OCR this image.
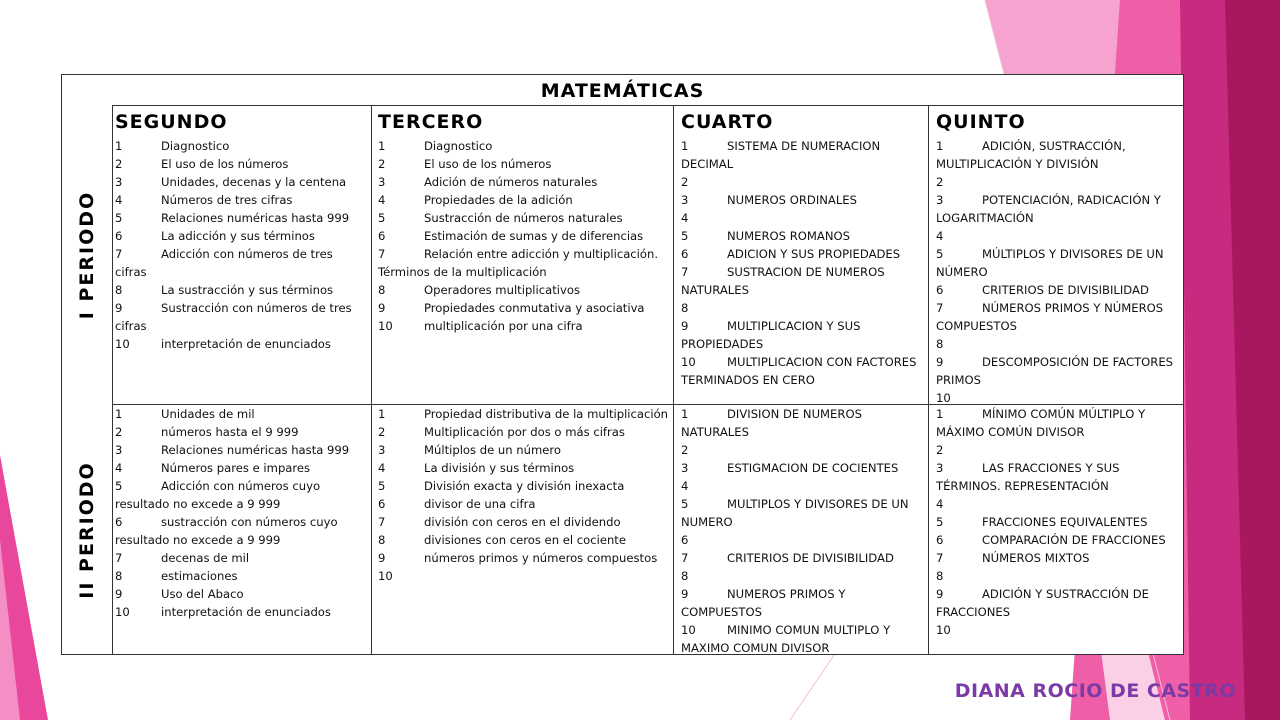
MATEMÁTICAS
I PERIODO
II PERIODO
SEGUNDO	TERCERO	CUARTO	QUINTO
1	Diagnostico
2	El uso de los números
3	Unidades, decenas y la centena
4	Números de tres cifras
5	Relaciones numéricas hasta 999
6	La adicción y sus términos
7	Adicción con números de tres cifras
8	La sustracción y sus términos
9	Sustracción con números de tres cifras
10	interpretación de enunciados
1	Diagnostico
2	El uso de los números
3	Adición de números naturales
4	Propiedades de la adición
5	Sustracción de números naturales
6	Estimación de sumas y de diferencias
7	Relación entre adicción y multiplicación. Términos de la multiplicación
8	Operadores multiplicativos
9	Propiedades conmutativa y asociativa
10	multiplicación por una cifra
1	SISTEMA DE NUMERACION DECIMAL
2
3	NUMEROS ORDINALES
4
5	NUMEROS ROMANOS
6	ADICION Y SUS PROPIEDADES
7	SUSTRACION DE NUMEROS NATURALES
8
9	MULTIPLICACION Y SUS PROPIEDADES
10	MULTIPLICACION CON FACTORES TERMINADOS EN CERO
1	ADICIÓN, SUSTRACCIÓN, MULTIPLICACIÓN Y DIVISIÓN
2
3	POTENCIACIÓN, RADICACIÓN Y LOGARITMACIÓN
4
5	MÚLTIPLOS Y DIVISORES DE UN NÚMERO
6	CRITERIOS DE DIVISIBILIDAD
7	NÚMEROS PRIMOS Y NÚMEROS COMPUESTOS
8
9	DESCOMPOSICIÓN DE FACTORES PRIMOS
10
1	Unidades de mil
2	números hasta el 9 999
3	Relaciones numéricas hasta 999
4	Números pares e impares
5	Adicción con números cuyo resultado no excede a 9 999
6	sustracción con números cuyo resultado no excede a 9 999
7	decenas de mil
8	estimaciones
9	Uso del Abaco
10	interpretación de enunciados
1	Propiedad distributiva de la multiplicación
2	Multiplicación por dos o más cifras
3	Múltiplos de un número
4	La división y sus términos
5	División exacta y división inexacta
6	divisor de una cifra
7	división con ceros en el dividendo
8	divisiones con ceros en el cociente
9	números primos y números compuestos
10
1	DIVISION DE NUMEROS NATURALES
2
3	ESTIGMACION DE COCIENTES
4
5	MULTIPLOS Y DIVISORES DE UN NUMERO
6
7	CRITERIOS DE DIVISIBILIDAD
8
9	NUMEROS PRIMOS Y COMPUESTOS
10	MINIMO COMUN MULTIPLO Y MAXIMO COMUN DIVISOR
1	MÍNIMO COMÚN MÚLTIPLO Y MÁXIMO COMÚN DIVISOR
2
3	LAS FRACCIONES Y SUS TÉRMINOS. REPRESENTACIÓN
4
5	FRACCIONES EQUIVALENTES
6	COMPARACIÓN DE FRACCIONES
7	NÚMEROS MIXTOS
8
9	ADICIÓN Y SUSTRACCIÓN DE FRACCIONES
10
DIANA ROCIO DE CASTRO
